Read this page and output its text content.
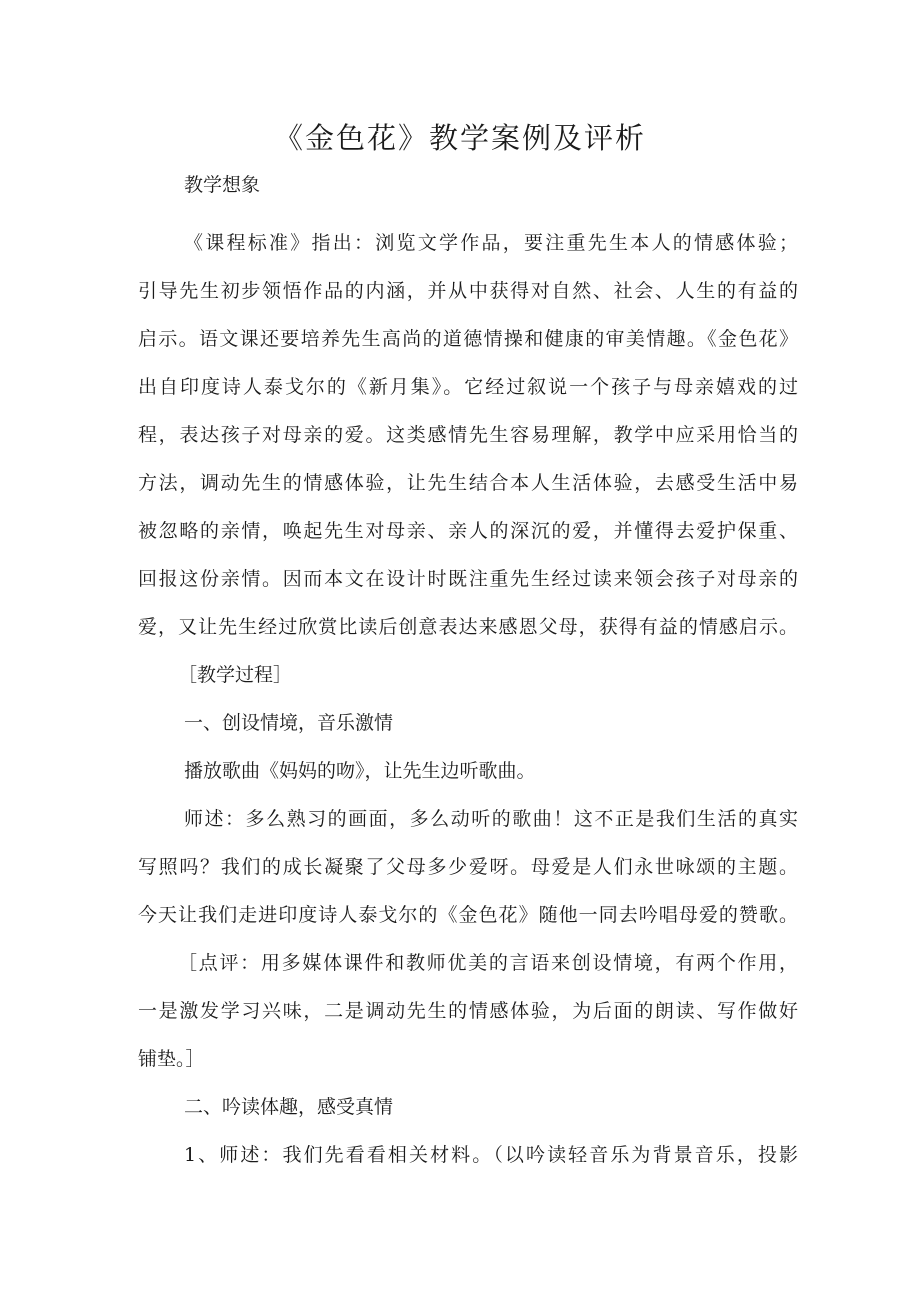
《金色花》教学案例及评析

教学想象

《课程标准》指出：浏览文学作品，要注重先生本人的情感体验；

引导先生初步领悟作品的内涵，并从中获得对自然、社会、人生的有益的

启示。语文课还要培养先生高尚的道德情操和健康的审美情趣。《金色花》

出自印度诗人泰戈尔的《新月集》。它经过叙说一个孩子与母亲嬉戏的过

程，表达孩子对母亲的爱。这类感情先生容易理解，教学中应采用恰当的

方法，调动先生的情感体验，让先生结合本人生活体验，去感受生活中易

被忽略的亲情，唤起先生对母亲、亲人的深沉的爱，并懂得去爱护保重、

回报这份亲情。因而本文在设计时既注重先生经过读来领会孩子对母亲的

爱，又让先生经过欣赏比读后创意表达来感恩父母，获得有益的情感启示。

［教学过程］

一、创设情境，音乐激情

播放歌曲《妈妈的吻》，让先生边听歌曲。

师述：多么熟习的画面，多么动听的歌曲！这不正是我们生活的真实

写照吗？我们的成长凝聚了父母多少爱呀。母爱是人们永世咏颂的主题。

今天让我们走进印度诗人泰戈尔的《金色花》随他一同去吟唱母爱的赞歌。

［点评：用多媒体课件和教师优美的言语来创设情境，有两个作用，

一是激发学习兴味，二是调动先生的情感体验，为后面的朗读、写作做好

铺垫。］

二、吟读体趣，感受真情

1、师述：我们先看看相关材料。（以吟读轻音乐为背景音乐，投影
